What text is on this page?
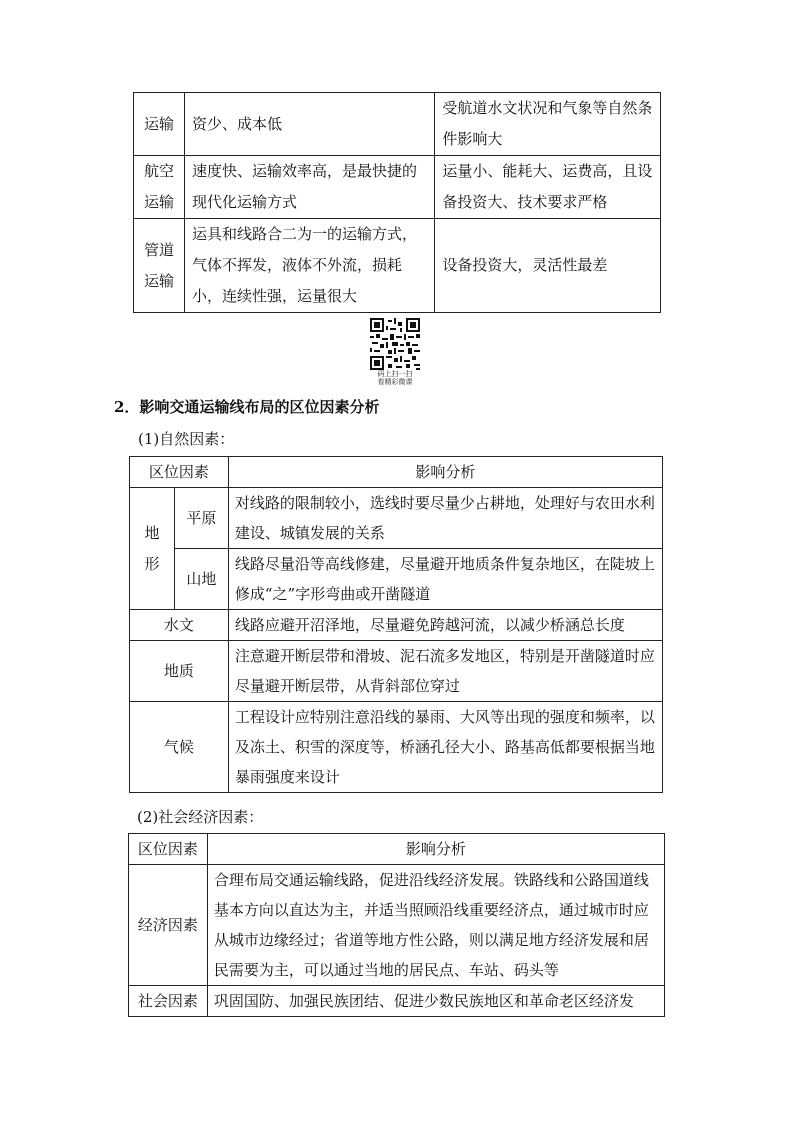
运输	资少、成本低	受航道水文状况和气象等自然条件影响大
航空运输	速度快、运输效率高，是最快捷的现代化运输方式	运量小、能耗大、运费高，且设备投资大、技术要求严格
管道运输	运具和线路合二为一的运输方式，气体不挥发，液体不外流，损耗小，连续性强，运量很大	设备投资大，灵活性最差
码上扫一扫
看精彩微课
2．影响交通运输线布局的区位因素分析
(1)自然因素：
区位因素		影响分析

地形	平原	对线路的限制较小，选线时要尽量少占耕地，处理好与农田水利建设、城镇发展的关系
	山地	线路尽量沿等高线修建，尽量避开地质条件复杂地区，在陡坡上修成“之”字形弯曲或开凿隧道
水文		线路应避开沼泽地，尽量避免跨越河流，以减少桥涵总长度
地质		注意避开断层带和滑坡、泥石流多发地区，特别是开凿隧道时应尽量避开断层带，从背斜部位穿过
气候		工程设计应特别注意沿线的暴雨、大风等出现的强度和频率，以及冻土、积雪的深度等，桥涵孔径大小、路基高低都要根据当地暴雨强度来设计
(2)社会经济因素：
区位因素	影响分析
经济因素	合理布局交通运输线路，促进沿线经济发展。铁路线和公路国道线基本方向以直达为主，并适当照顾沿线重要经济点，通过城市时应从城市边缘经过；省道等地方性公路，则以满足地方经济发展和居民需要为主，可以通过当地的居民点、车站、码头等
社会因素	巩固国防、加强民族团结、促进少数民族地区和革命老区经济发
